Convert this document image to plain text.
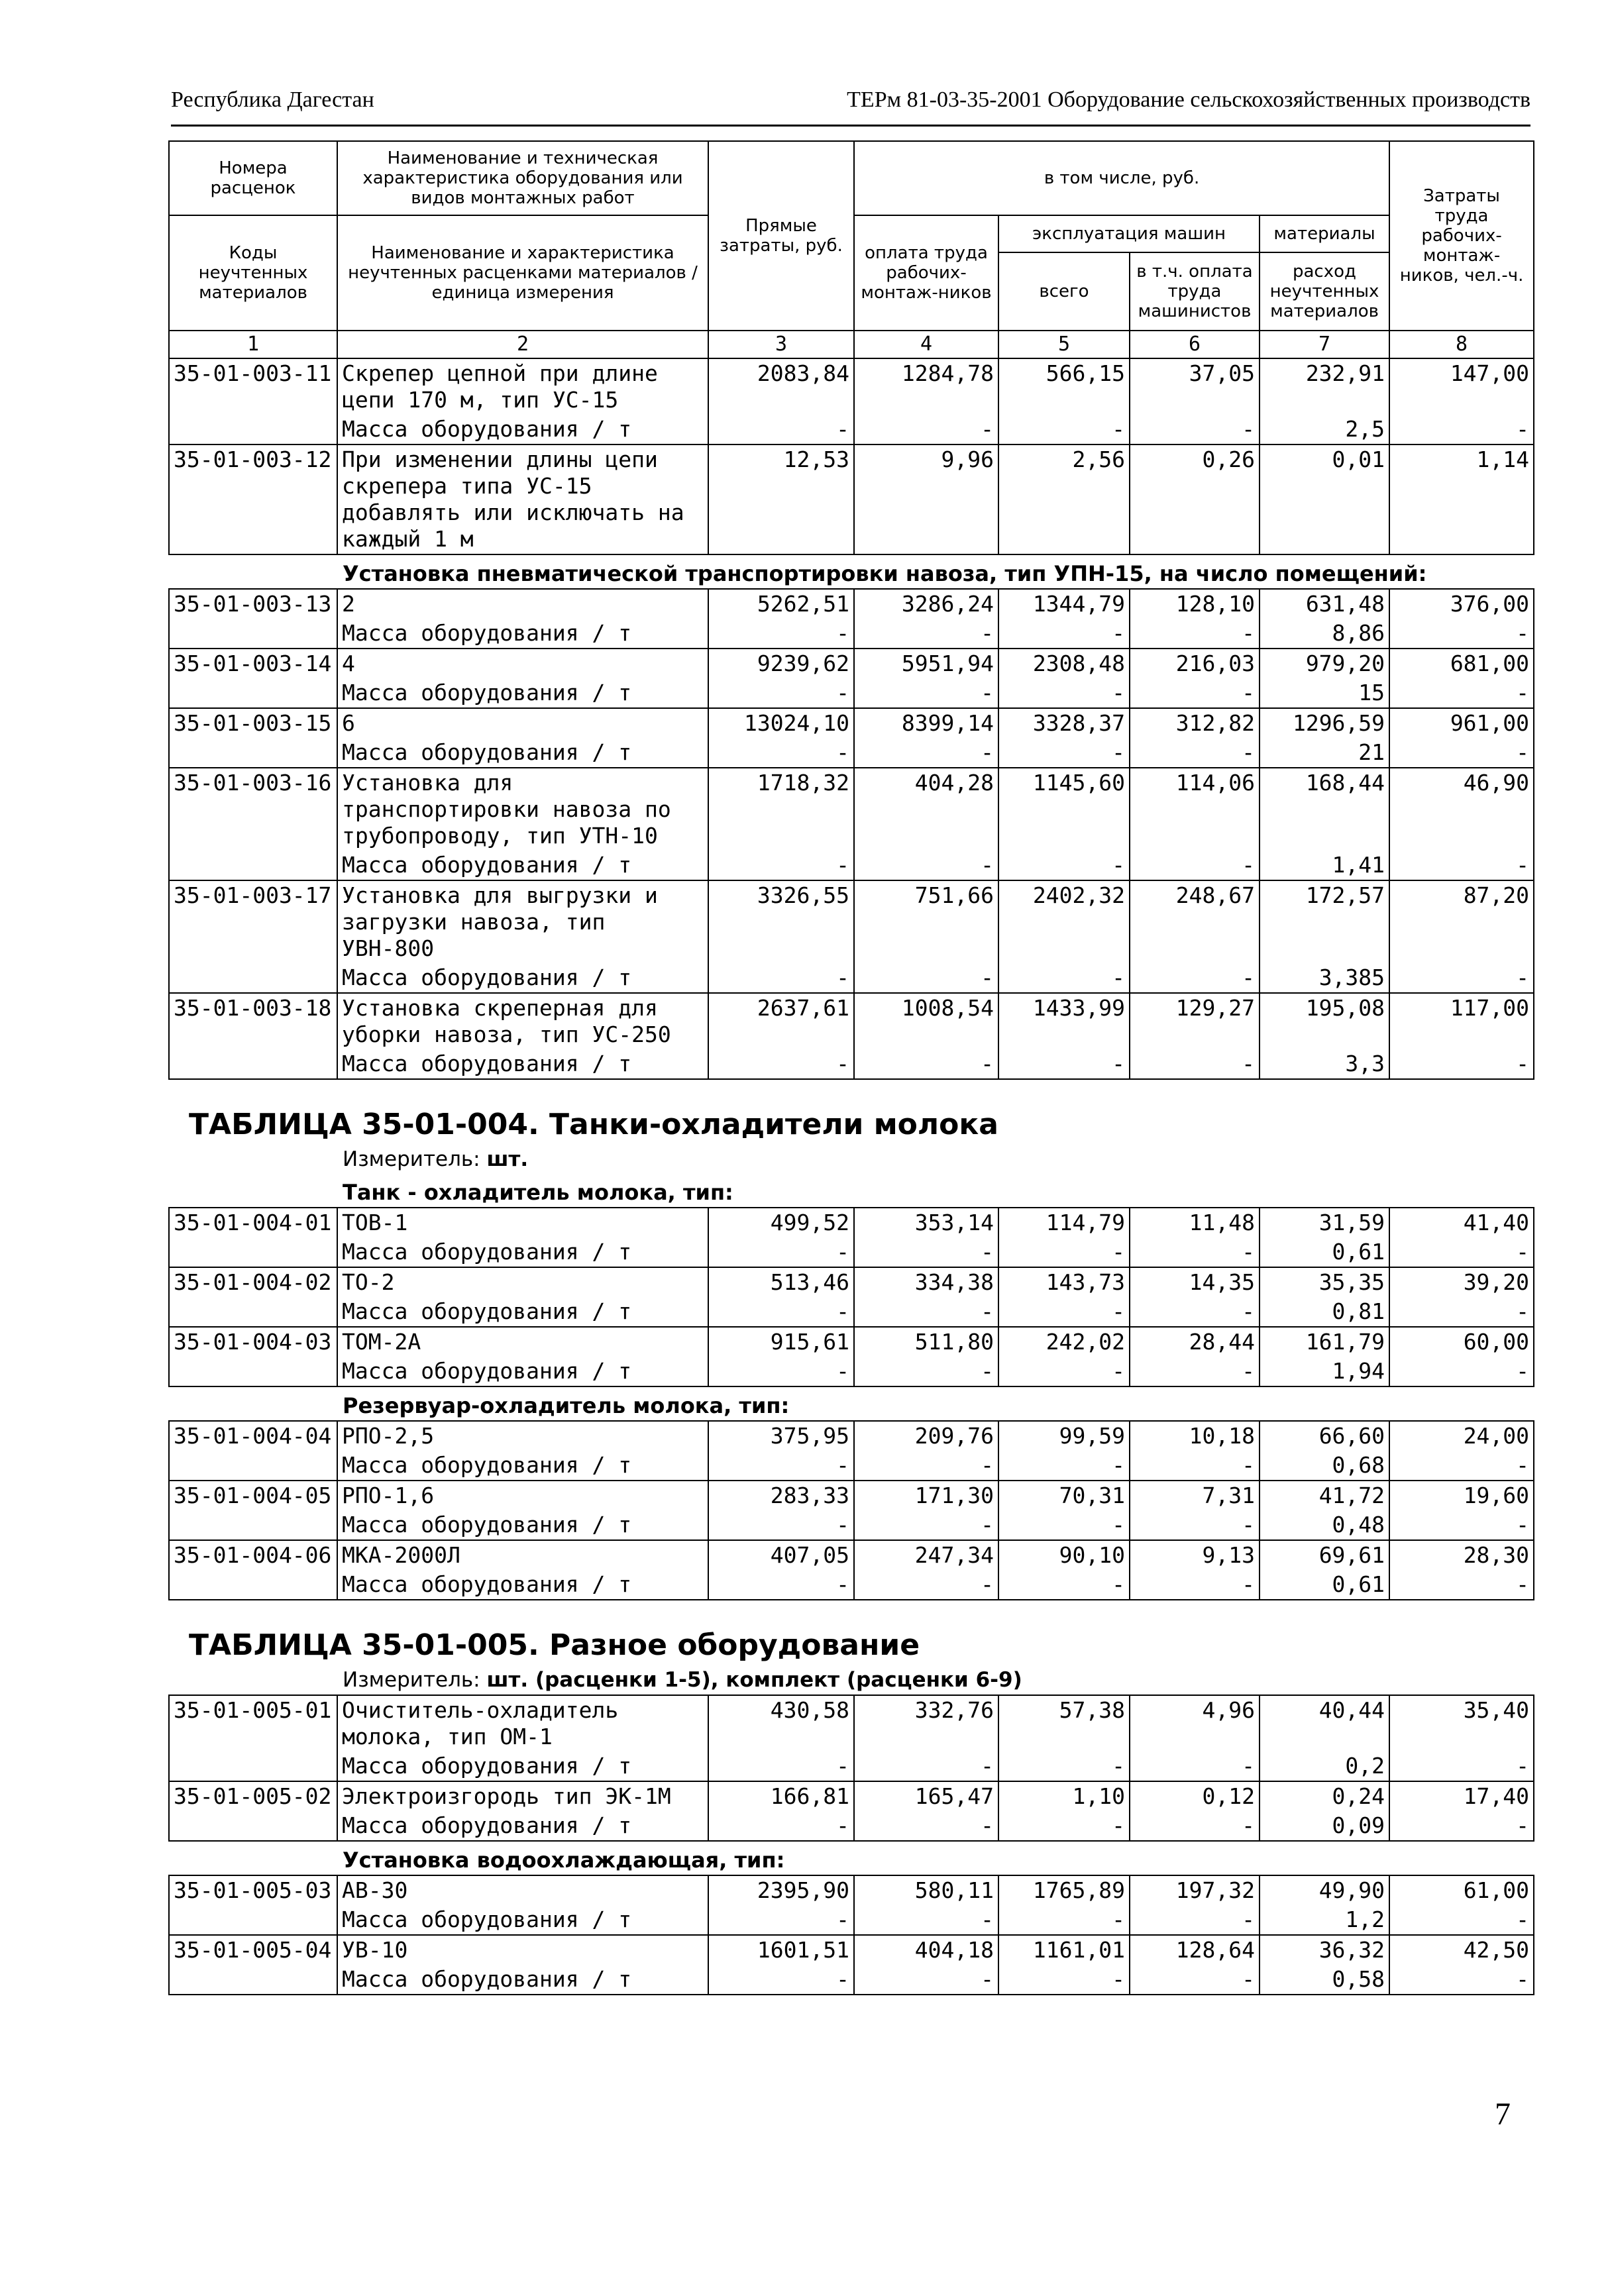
Республика Дагестан	ТЕРм 81-03-35-2001 Оборудование сельскохозяйственных производств
Номера расценок	Наименование и техническая характеристика оборудования или видов монтажных работ	Прямые затраты, руб.	в том числе, руб.				Затраты труда рабочих-монтаж-ников, чел.-ч.
Коды неучтенных материалов	Наименование и характеристика неучтенных расценками материалов / единица измерения		оплата труда рабочих-монтаж-ников	эксплуатация машин		материалы	
				всего	в т.ч. оплата труда машинистов	расход неучтенных материалов	
1	2	3	4	5	6	7	8
35-01-003-11	Скрепер цепной при длине цепи 170 м, тип УС-15	2083,84	1284,78	566,15	37,05	232,91	147,00
	Масса оборудования / т	-	-	-	-	2,5	-
35-01-003-12	При изменении длины цепи скрепера типа УС-15 добавлять или исключать на каждый 1 м	12,53	9,96	2,56	0,26	0,01	1,14
	Установка пневматической транспортировки навоза, тип УПН-15, на число помещений:						
35-01-003-13	2	5262,51	3286,24	1344,79	128,10	631,48	376,00
	Масса оборудования / т	-	-	-	-	8,86	-
35-01-003-14	4	9239,62	5951,94	2308,48	216,03	979,20	681,00
	Масса оборудования / т	-	-	-	-	15	-
35-01-003-15	6	13024,10	8399,14	3328,37	312,82	1296,59	961,00
	Масса оборудования / т	-	-	-	-	21	-
35-01-003-16	Установка для транспортировки навоза по трубопроводу, тип УТН-10	1718,32	404,28	1145,60	114,06	168,44	46,90
	Масса оборудования / т	-	-	-	-	1,41	-
35-01-003-17	Установка для выгрузки и загрузки навоза, тип УВН-800	3326,55	751,66	2402,32	248,67	172,57	87,20
	Масса оборудования / т	-	-	-	-	3,385	-
35-01-003-18	Установка скреперная для уборки навоза, тип УС-250	2637,61	1008,54	1433,99	129,27	195,08	117,00
	Масса оборудования / т	-	-	-	-	3,3	-
ТАБЛИЦА 35-01-004. Танки-охладители молока							
Измеритель: шт.							
	Танк - охладитель молока, тип:						
35-01-004-01	ТОВ-1	499,52	353,14	114,79	11,48	31,59	41,40
	Масса оборудования / т	-	-	-	-	0,61	-
35-01-004-02	ТО-2	513,46	334,38	143,73	14,35	35,35	39,20
	Масса оборудования / т	-	-	-	-	0,81	-
35-01-004-03	ТОМ-2А	915,61	511,80	242,02	28,44	161,79	60,00
	Масса оборудования / т	-	-	-	-	1,94	-
	Резервуар-охладитель молока, тип:						
35-01-004-04	РПО-2,5	375,95	209,76	99,59	10,18	66,60	24,00
	Масса оборудования / т	-	-	-	-	0,68	-
35-01-004-05	РПО-1,6	283,33	171,30	70,31	7,31	41,72	19,60
	Масса оборудования / т	-	-	-	-	0,48	-
35-01-004-06	МКА-2000Л	407,05	247,34	90,10	9,13	69,61	28,30
	Масса оборудования / т	-	-	-	-	0,61	-
ТАБЛИЦА 35-01-005. Разное оборудование							
Измеритель: шт. (расценки 1-5), комплект (расценки 6-9)							
35-01-005-01	Очиститель-охладитель молока, тип ОМ-1	430,58	332,76	57,38	4,96	40,44	35,40
	Масса оборудования / т	-	-	-	-	0,2	-
35-01-005-02	Электроизгородь тип ЭК-1М	166,81	165,47	1,10	0,12	0,24	17,40
	Масса оборудования / т	-	-	-	-	0,09	-
	Установка водоохлаждающая, тип:						
35-01-005-03	АВ-30	2395,90	580,11	1765,89	197,32	49,90	61,00
	Масса оборудования / т	-	-	-	-	1,2	-
35-01-005-04	УВ-10	1601,51	404,18	1161,01	128,64	36,32	42,50
	Масса оборудования / т	-	-	-	-	0,58	-
7
